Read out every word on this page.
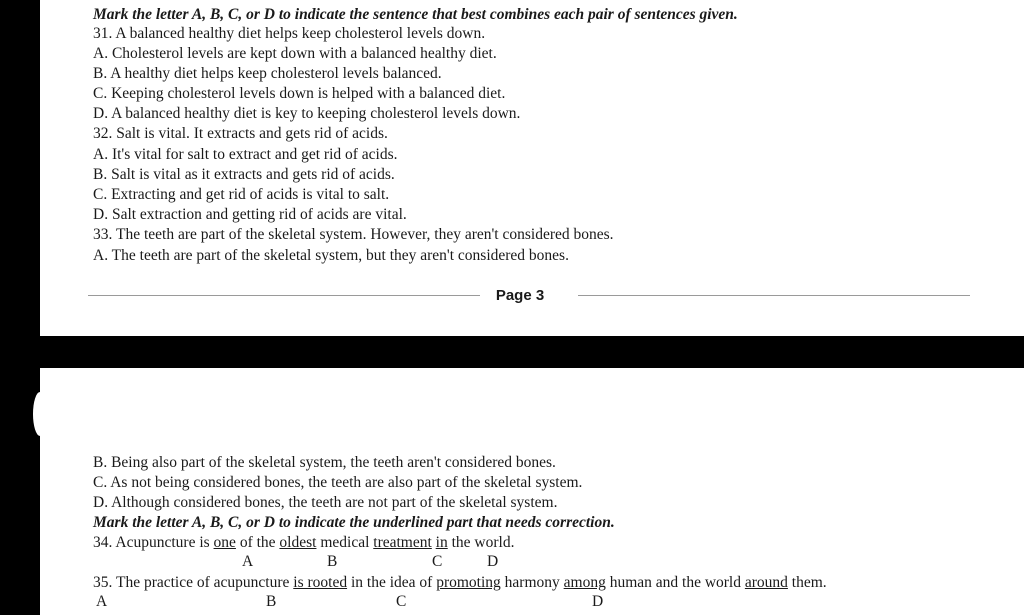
Mark the letter A, B, C, or D to indicate the sentence that best combines each pair of sentences given.
31. A balanced healthy diet helps keep cholesterol levels down.
A. Cholesterol levels are kept down with a balanced healthy diet.
B. A healthy diet helps keep cholesterol levels balanced.
C. Keeping cholesterol levels down is helped with a balanced diet.
D. A balanced healthy diet is key to keeping cholesterol levels down.
32. Salt is vital. It extracts and gets rid of acids.
A. It's vital for salt to extract and get rid of acids.
B. Salt is vital as it extracts and gets rid of acids.
C. Extracting and get rid of acids is vital to salt.
D. Salt extraction and getting rid of acids are vital.
33. The teeth are part of the skeletal system. However, they aren't considered bones.
A. The teeth are part of the skeletal system, but they aren't considered bones.
Page 3
B. Being also part of the skeletal system, the teeth aren't considered bones.
C. As not being considered bones, the teeth are also part of the skeletal system.
D. Although considered bones, the teeth are not part of the skeletal system.
Mark the letter A, B, C, or D to indicate the underlined part that needs correction.
34. Acupuncture is one of the oldest medical treatment in the world.
A	B	C	D
35. The practice of acupuncture is rooted in the idea of promoting harmony among human and the world around them.
A	B	C	D
